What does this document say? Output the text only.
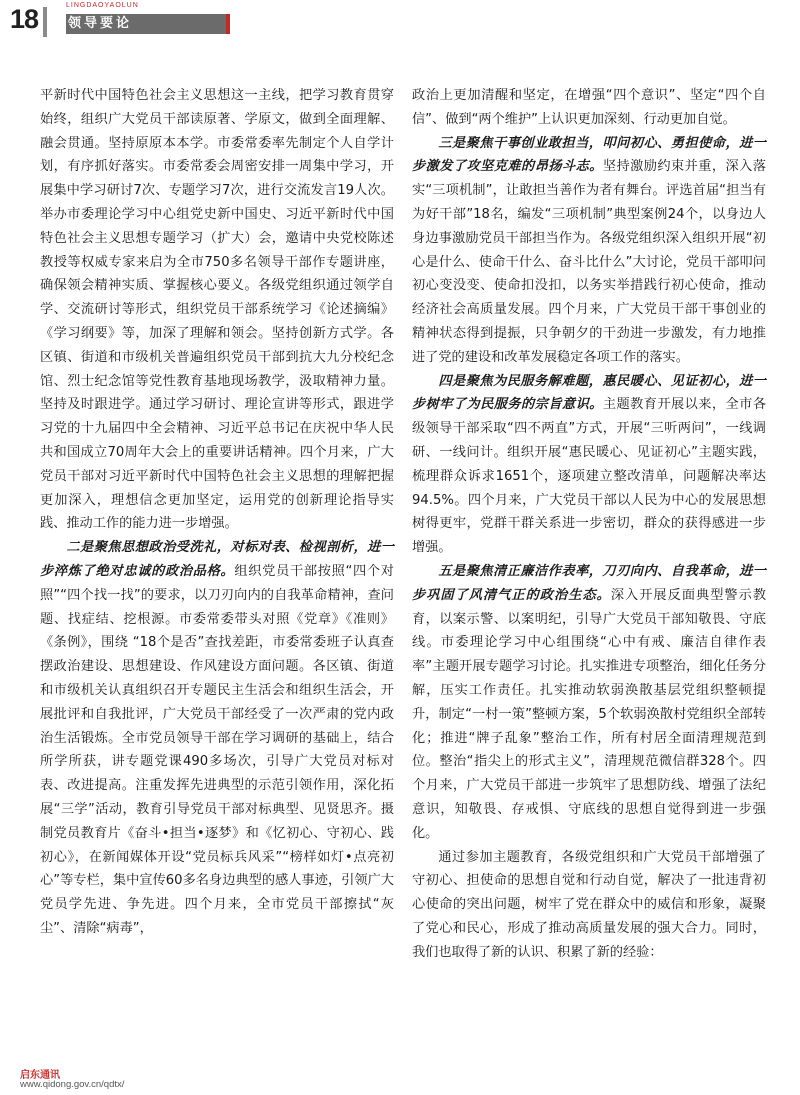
18	LINGDAOYAOLUN
领导要论

平新时代中国特色社会主义思想这一主线，把学习教育贯穿始终，组织广大党员干部读原著、学原文，做到全面理解、融会贯通。坚持原原本本学。市委常委率先制定个人自学计划，有序抓好落实。市委常委会周密安排一周集中学习，开展集中学习研讨7次、专题学习7次，进行交流发言19人次。举办市委理论学习中心组党史新中国史、习近平新时代中国特色社会主义思想专题学习（扩大）会，邀请中央党校陈述教授等权威专家来启为全市750多名领导干部作专题讲座，确保领会精神实质、掌握核心要义。各级党组织通过领学自学、交流研讨等形式，组织党员干部系统学习《论述摘编》《学习纲要》等，加深了理解和领会。坚持创新方式学。各区镇、街道和市级机关普遍组织党员干部到抗大九分校纪念馆、烈士纪念馆等党性教育基地现场教学，汲取精神力量。坚持及时跟进学。通过学习研讨、理论宣讲等形式，跟进学习党的十九届四中全会精神、习近平总书记在庆祝中华人民共和国成立70周年大会上的重要讲话精神。四个月来，广大党员干部对习近平新时代中国特色社会主义思想的理解把握更加深入，理想信念更加坚定，运用党的创新理论指导实践、推动工作的能力进一步增强。

二是聚焦思想政治受洗礼，对标对表、检视剖析，进一步淬炼了绝对忠诚的政治品格。组织党员干部按照“四个对照”“四个找一找”的要求，以刀刃向内的自我革命精神，查问题、找症结、挖根源。市委常委带头对照《党章》《准则》《条例》，围绕 “18个是否”查找差距，市委常委班子认真查摆政治建设、思想建设、作风建设方面问题。各区镇、街道和市级机关认真组织召开专题民主生活会和组织生活会，开展批评和自我批评，广大党员干部经受了一次严肃的党内政治生活锻炼。全市党员领导干部在学习调研的基础上，结合所学所获，讲专题党课490多场次，引导广大党员对标对表、改进提高。注重发挥先进典型的示范引领作用，深化拓展“三学”活动，教育引导党员干部对标典型、见贤思齐。摄制党员教育片《奋斗•担当•逐梦》和《忆初心、守初心、践初心》，在新闻媒体开设“党员标兵风采”“榜样如灯•点亮初心”等专栏，集中宣传60多名身边典型的感人事迹，引领广大党员学先进、争先进。四个月来，全市党员干部擦拭“灰尘”、清除“病毒”，

政治上更加清醒和坚定，在增强“四个意识”、坚定“四个自信”、做到“两个维护”上认识更加深刻、行动更加自觉。

三是聚焦干事创业敢担当，叩问初心、勇担使命，进一步激发了攻坚克难的昂扬斗志。坚持激励约束并重，深入落实“三项机制”，让敢担当善作为者有舞台。评选首届“担当有为好干部”18名，编发“三项机制”典型案例24个，以身边人身边事激励党员干部担当作为。各级党组织深入组织开展“初心是什么、使命干什么、奋斗比什么”大讨论，党员干部叩问初心变没变、使命扣没扣，以务实举措践行初心使命，推动经济社会高质量发展。四个月来，广大党员干部干事创业的精神状态得到提振，只争朝夕的干劲进一步激发，有力地推进了党的建设和改革发展稳定各项工作的落实。

四是聚焦为民服务解难题，惠民暖心、见证初心，进一步树牢了为民服务的宗旨意识。主题教育开展以来，全市各级领导干部采取“四不两直”方式，开展“三听两问”，一线调研、一线问计。组织开展“惠民暖心、见证初心”主题实践，梳理群众诉求1651个，逐项建立整改清单，问题解决率达94.5%。四个月来，广大党员干部以人民为中心的发展思想树得更牢，党群干群关系进一步密切，群众的获得感进一步增强。

五是聚焦清正廉洁作表率，刀刃向内、自我革命，进一步巩固了风清气正的政治生态。深入开展反面典型警示教育，以案示警、以案明纪，引导广大党员干部知敬畏、守底线。市委理论学习中心组围绕“心中有戒、廉洁自律作表率”主题开展专题学习讨论。扎实推进专项整治，细化任务分解，压实工作责任。扎实推动软弱涣散基层党组织整顿提升，制定“一村一策”整顿方案，5个软弱涣散村党组织全部转化；推进“牌子乱象”整治工作，所有村居全面清理规范到位。整治“指尖上的形式主义”，清理规范微信群328个。四个月来，广大党员干部进一步筑牢了思想防线、增强了法纪意识，知敬畏、存戒惧、守底线的思想自觉得到进一步强化。

通过参加主题教育，各级党组织和广大党员干部增强了守初心、担使命的思想自觉和行动自觉，解决了一批违背初心使命的突出问题，树牢了党在群众中的威信和形象，凝聚了党心和民心，形成了推动高质量发展的强大合力。同时，我们也取得了新的认识、积累了新的经验：

启东通讯
www.qidong.gov.cn/qdtx/
